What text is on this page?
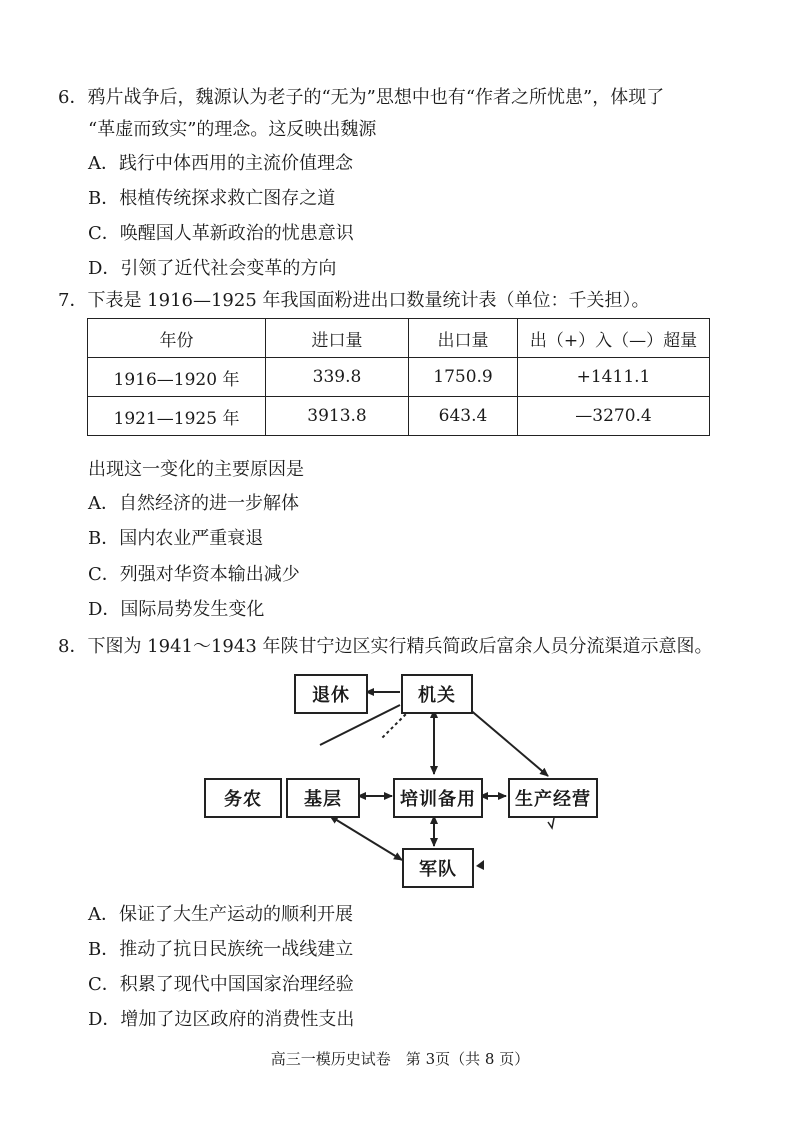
6．鸦片战争后，魏源认为老子的“无为”思想中也有“作者之所忧患”，体现了
“革虚而致实”的理念。这反映出魏源
A．践行中体西用的主流价值理念
B．根植传统探求救亡图存之道
C．唤醒国人革新政治的忧患意识
D．引领了近代社会变革的方向
7．下表是 1916—1925 年我国面粉进出口数量统计表（单位：千关担）。
年份	进口量	出口量	出（+）入（—）超量
1916—1920 年	339.8	1750.9	+1411.1
1921—1925 年	3913.8	643.4	—3270.4
出现这一变化的主要原因是
A．自然经济的进一步解体
B．国内农业严重衰退
C．列强对华资本输出减少
D．国际局势发生变化
8．下图为 1941～1943 年陕甘宁边区实行精兵简政后富余人员分流渠道示意图。
退休	机关
务农	基层	培训备用	生产经营
军队
A．保证了大生产运动的顺利开展
B．推动了抗日民族统一战线建立
C．积累了现代中国国家治理经验
D．增加了边区政府的消费性支出
高三一模历史试卷　第 3页（共 8 页）
